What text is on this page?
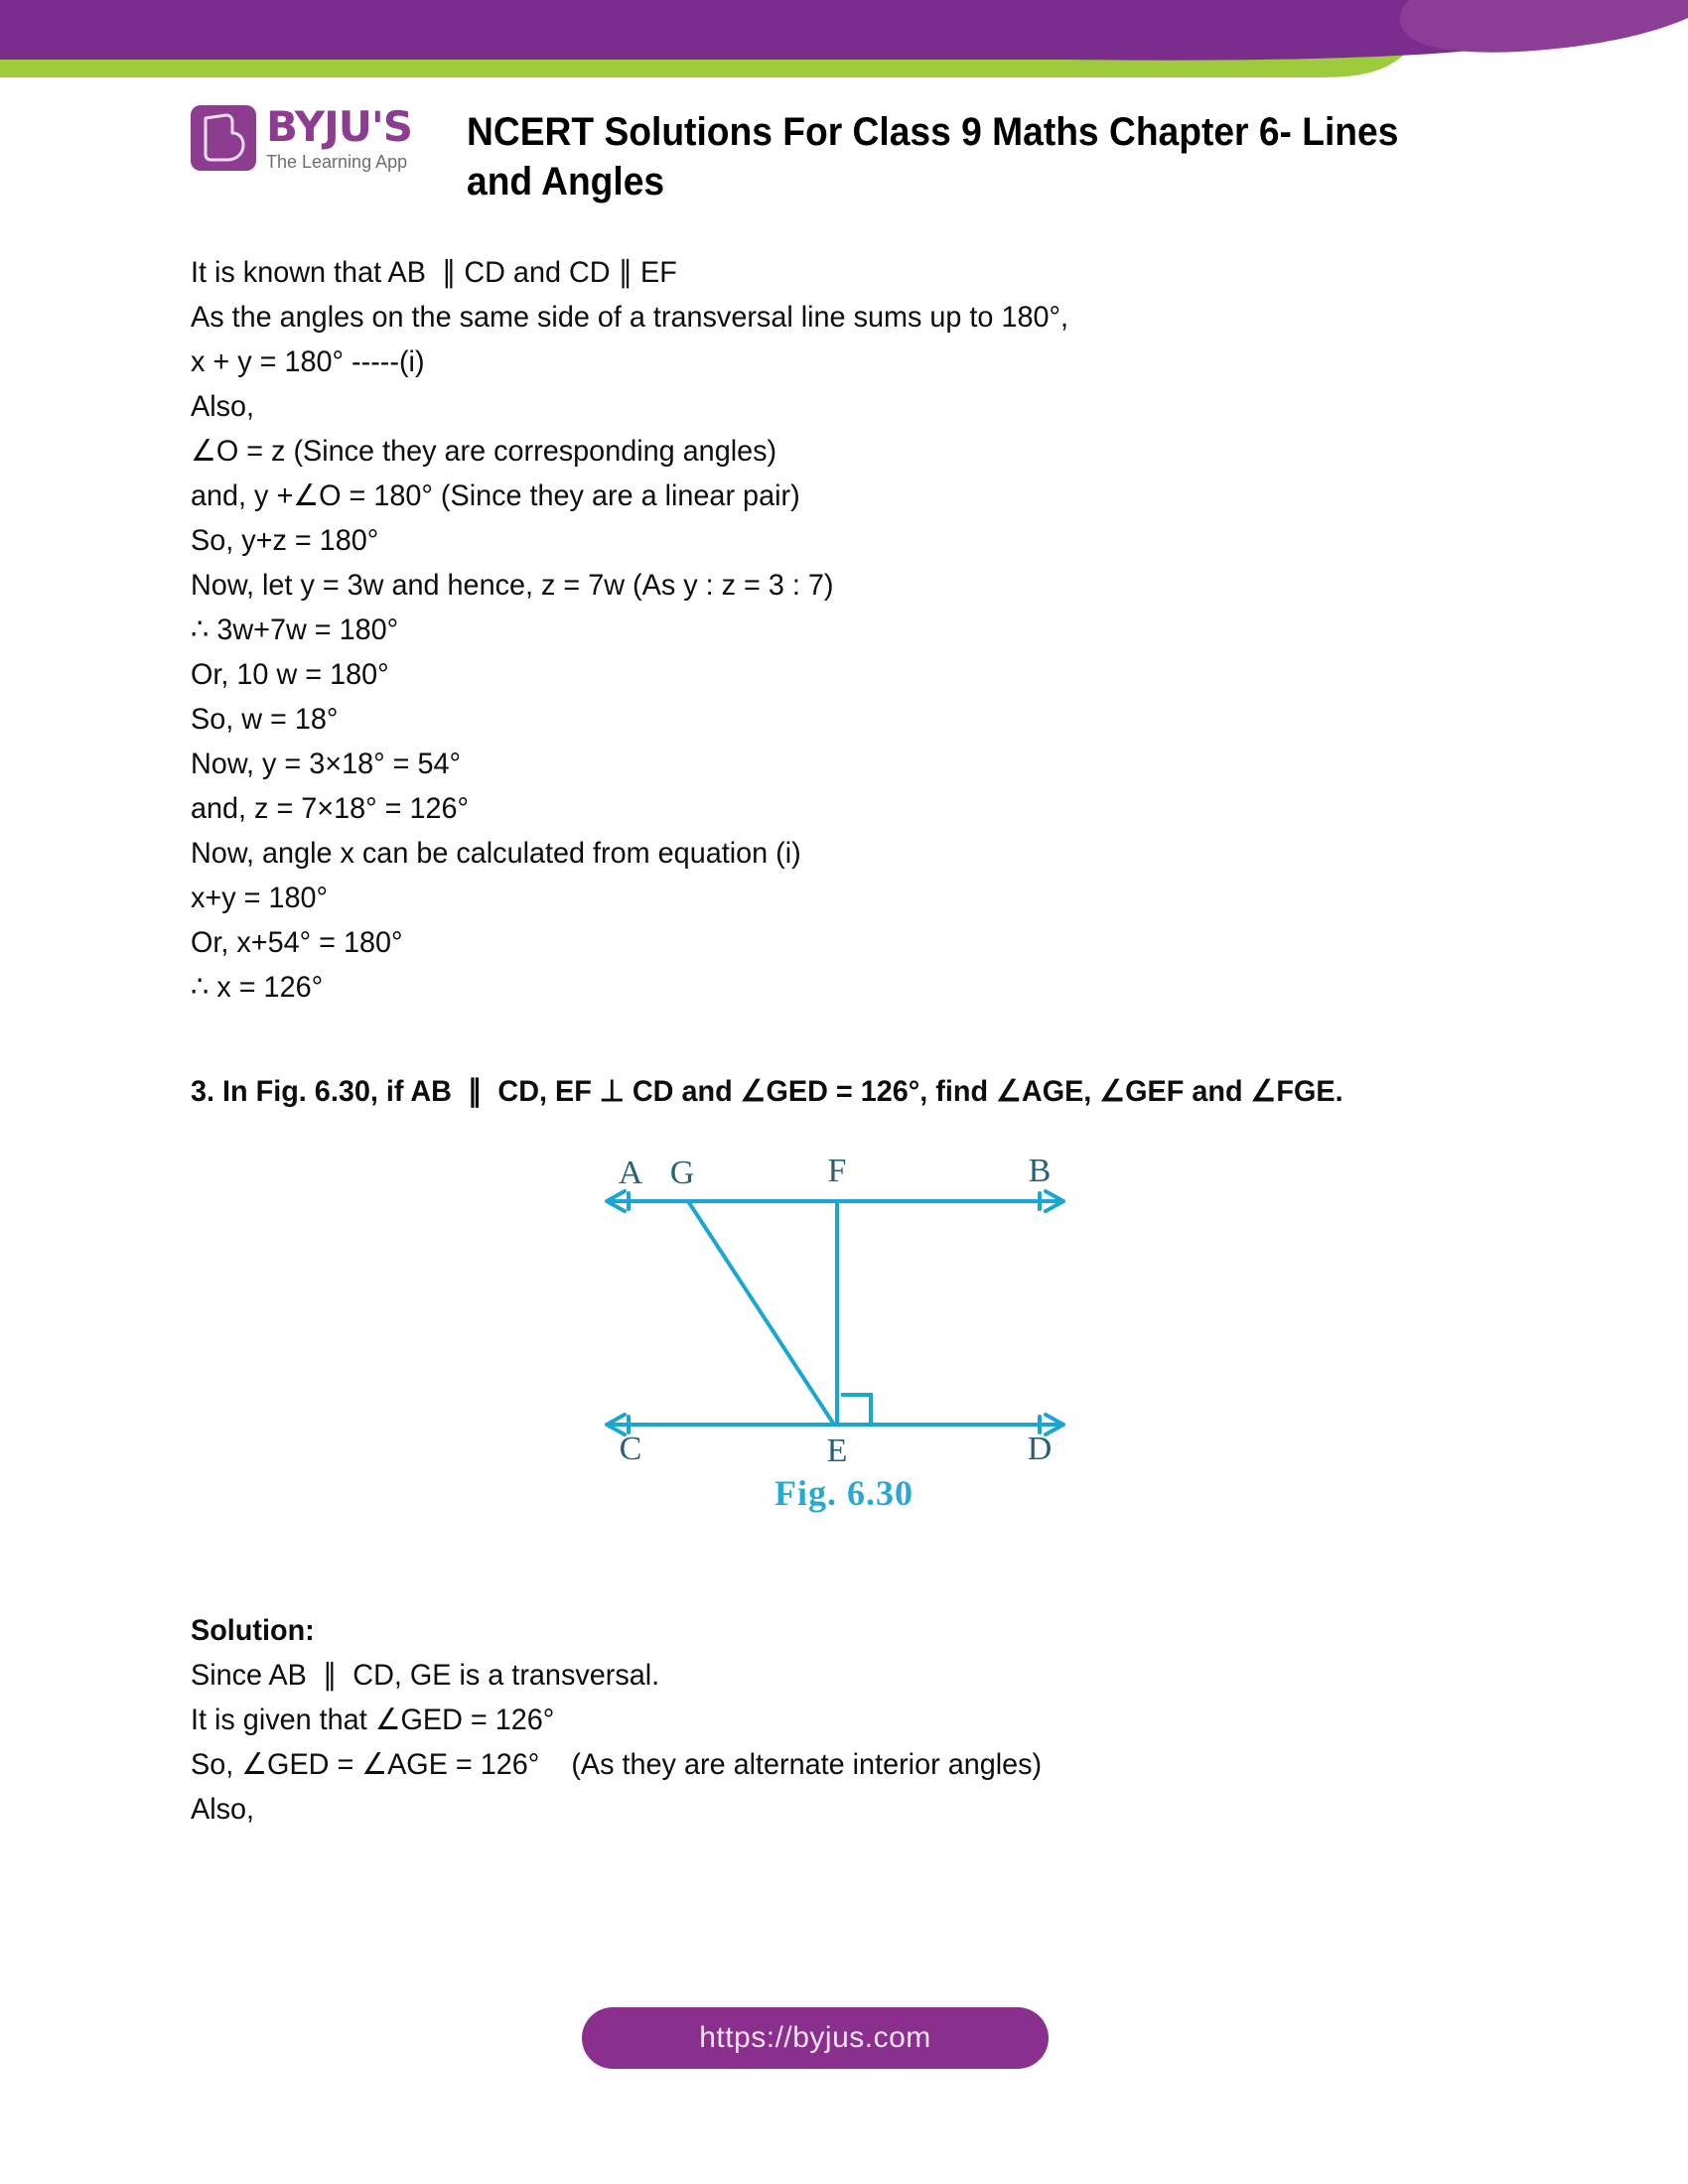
BYJU'S
The Learning App
NCERT Solutions For Class 9 Maths Chapter 6- Lines and Angles
It is known that AB  ∥ CD and CD ∥ EF
As the angles on the same side of a transversal line sums up to 180°,
x + y = 180° -----(i)
Also,
∠O = z (Since they are corresponding angles)
and, y +∠O = 180° (Since they are a linear pair)
So, y+z = 180°
Now, let y = 3w and hence, z = 7w (As y : z = 3 : 7)
∴ 3w+7w = 180°
Or, 10 w = 180°
So, w = 18°
Now, y = 3×18° = 54°
and, z = 7×18° = 126°
Now, angle x can be calculated from equation (i)
x+y = 180°
Or, x+54° = 180°
∴ x = 126°
3. In Fig. 6.30, if AB  ∥  CD, EF ⊥ CD and ∠GED = 126°, find ∠AGE, ∠GEF and ∠FGE.
A G	F	B
C	E	D
Fig. 6.30
Solution:
Since AB  ∥  CD, GE is a transversal.
It is given that ∠GED = 126°
So, ∠GED = ∠AGE = 126°    (As they are alternate interior angles)
Also,
https://byjus.com
